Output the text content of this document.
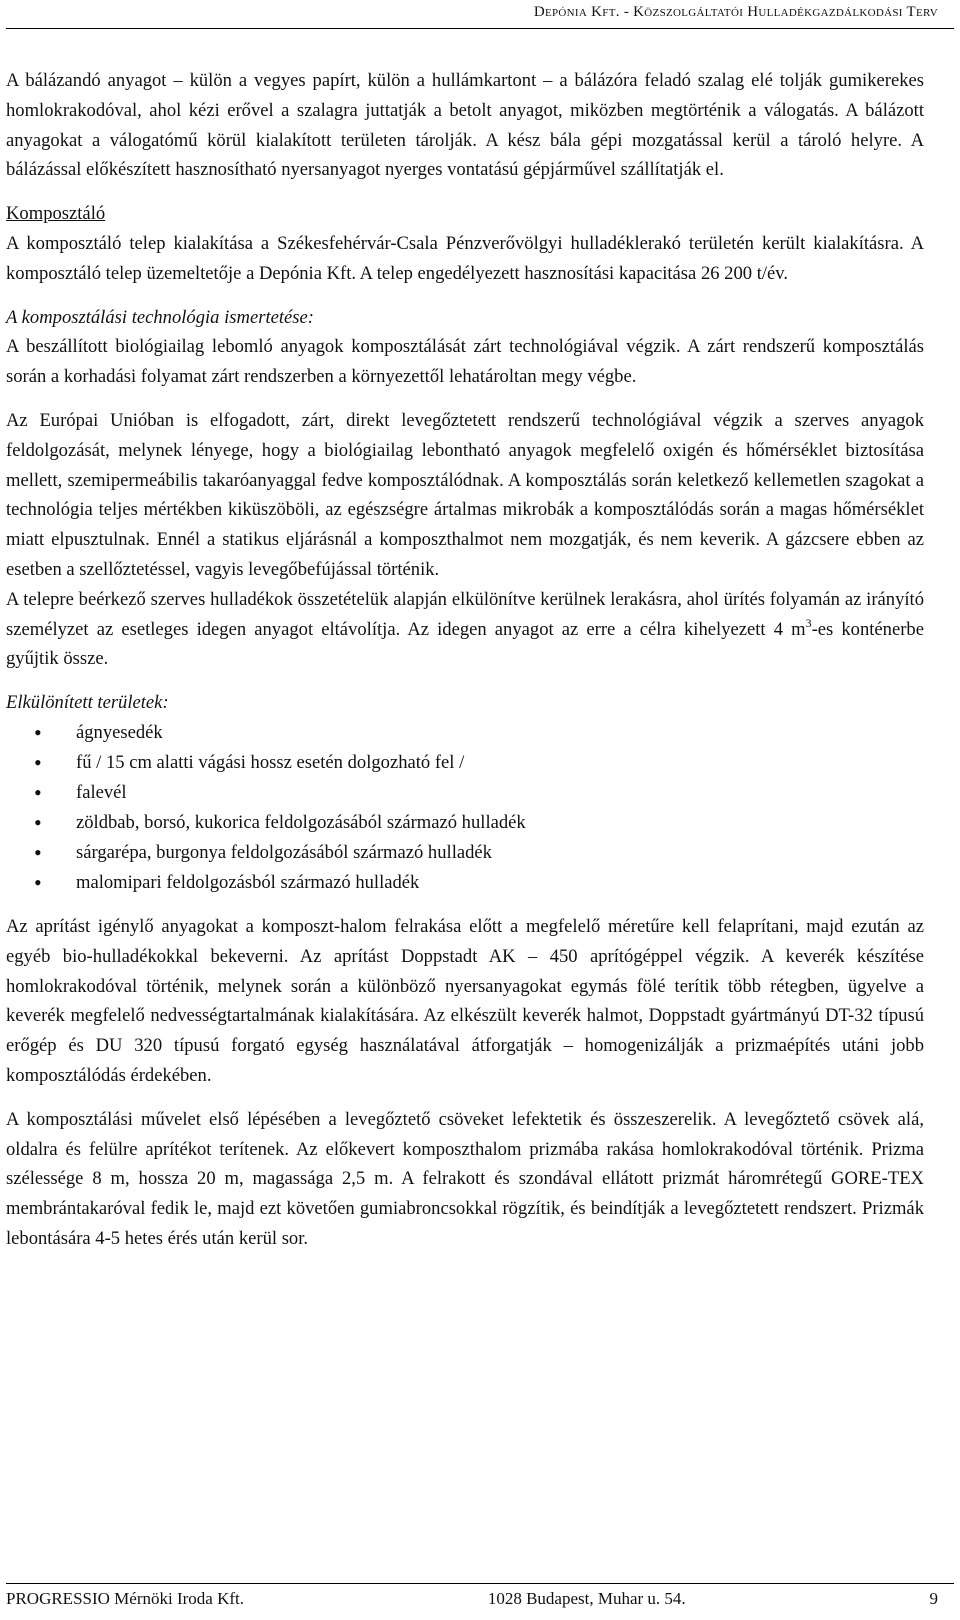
Depónia Kft. - Közszolgáltatói Hulladékgazdálkodási Terv

A bálázandó anyagot – külön a vegyes papírt, külön a hullámkartont – a bálázóra feladó szalag elé tolják gumikerekes homlokrakodóval, ahol kézi erővel a szalagra juttatják a betolt anyagot, miközben megtörténik a válogatás. A bálázott anyagokat a válogatómű körül kialakított területen tárolják. A kész bála gépi mozgatással kerül a tároló helyre. A bálázással előkészített hasznosítható nyersanyagot nyerges vontatású gépjárművel szállítatják el.

Komposztáló

A komposztáló telep kialakítása a Székesfehérvár-Csala Pénzverővölgyi hulladéklerakó területén került kialakításra. A komposztáló telep üzemeltetője a Depónia Kft. A telep engedélyezett hasznosítási kapacitása 26 200 t/év.

A komposztálási technológia ismertetése:

A beszállított biológiailag lebomló anyagok komposztálását zárt technológiával végzik. A zárt rendszerű komposztálás során a korhadási folyamat zárt rendszerben a környezettől lehatároltan megy végbe.

Az Európai Unióban is elfogadott, zárt, direkt levegőztetett rendszerű technológiával végzik a szerves anyagok feldolgozását, melynek lényege, hogy a biológiailag lebontható anyagok megfelelő oxigén és hőmérséklet biztosítása mellett, szemipermeábilis takaróanyaggal fedve komposztálódnak. A komposztálás során keletkező kellemetlen szagokat a technológia teljes mértékben kiküszöböli, az egészségre ártalmas mikrobák a komposztálódás során a magas hőmérséklet miatt elpusztulnak. Ennél a statikus eljárásnál a komposzthalmot nem mozgatják, és nem keverik. A gázcsere ebben az esetben a szellőztetéssel, vagyis levegőbefújással történik.

A telepre beérkező szerves hulladékok összetételük alapján elkülönítve kerülnek lerakásra, ahol ürítés folyamán az irányító személyzet az esetleges idegen anyagot eltávolítja. Az idegen anyagot az erre a célra kihelyezett 4 $m^3-es$ konténerbe gyűjtik össze.

Elkülönített területek:

• ágnyesedék
• fű / 15 cm alatti vágási hossz esetén dolgozható fel /
• falevél
• zöldbab, borsó, kukorica feldolgozásából származó hulladék
• sárgarépa, burgonya feldolgozásából származó hulladék
• malomipari feldolgozásból származó hulladék

Az aprítást igénylő anyagokat a komposzt-halom felrakása előtt a megfelelő méretűre kell felaprítani, majd ezután az egyéb bio-hulladékokkal bekeverni. Az aprítást Doppstadt AK – 450 aprítógéppel végzik. A keverék készítése homlokrakodóval történik, melynek során a különböző nyersanyagokat egymás fölé terítik több rétegben, ügyelve a keverék megfelelő nedvességtartalmának kialakítására. Az elkészült keverék halmot, Doppstadt gyártmányú DT-32 típusú erőgép és DU 320 típusú forgató egység használatával átforgatják – homogenizálják a prizmaépítés utáni jobb komposztálódás érdekében.

A komposztálási művelet első lépésében a levegőztető csöveket lefektetik és összeszerelik. A levegőztető csövek alá, oldalra és felülre aprítékot terítenek. Az előkevert komposzthalom prizmába rakása homlokrakodóval történik. Prizma szélessége 8 m, hossza 20 m, magassága 2,5 m. A felrakott és szondával ellátott prizmát háromrétegű GORE-TEX membrántakaróval fedik le, majd ezt követően gumiabroncsokkal rögzítik, és beindítják a levegőztetett rendszert. Prizmák lebontására 4-5 hetes érés után kerül sor.

PROGRESSIO Mérnöki Iroda Kft.	1028 Budapest, Muhar u. 54.	9
